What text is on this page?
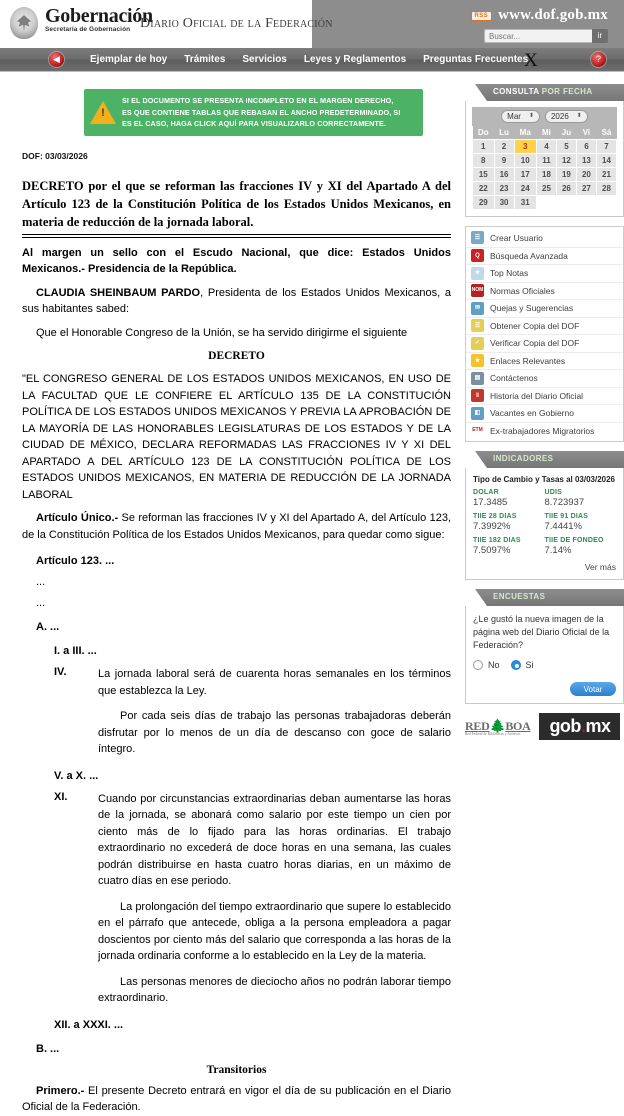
Gobernación
Secretaría de Gobernación Diario Oficial de la Federación
RSS www.dof.gob.mx
Buscar...
ir
◀	Ejemplar de hoy Trámites Servicios Leyes y Reglamentos Preguntas Frecuentes
X	?
!
SI EL DOCUMENTO SE PRESENTA INCOMPLETO EN EL MARGEN DERECHO,
ES QUE CONTIENE TABLAS QUE REBASAN EL ANCHO PREDETERMINADO, SI
ES EL CASO, HAGA CLICK AQUÍ PARA VISUALIZARLO CORRECTAMENTE.
DOF: 03/03/2026
DECRETO por el que se reforman las fracciones IV y XI del Apartado A del Artículo 123 de la Constitución Política de los Estados Unidos Mexicanos, en materia de reducción de la jornada laboral.
Al margen un sello con el Escudo Nacional, que dice: Estados Unidos Mexicanos.- Presidencia de la República.
CLAUDIA SHEINBAUM PARDO, Presidenta de los Estados Unidos Mexicanos, a sus habitantes sabed:
Que el Honorable Congreso de la Unión, se ha servido dirigirme el siguiente
DECRETO
"EL CONGRESO GENERAL DE LOS ESTADOS UNIDOS MEXICANOS, EN USO DE LA FACULTAD QUE LE CONFIERE EL ARTÍCULO 135 DE LA CONSTITUCIÓN POLÍTICA DE LOS ESTADOS UNIDOS MEXICANOS Y PREVIA LA APROBACIÓN DE LA MAYORÍA DE LAS HONORABLES LEGISLATURAS DE LOS ESTADOS Y DE LA CIUDAD DE MÉXICO, DECLARA REFORMADAS LAS FRACCIONES IV Y XI DEL APARTADO A DEL ARTÍCULO 123 DE LA CONSTITUCIÓN POLÍTICA DE LOS ESTADOS UNIDOS MEXICANOS, EN MATERIA DE REDUCCIÓN DE LA JORNADA LABORAL
Artículo Único.- Se reforman las fracciones IV y XI del Apartado A, del Artículo 123, de la Constitución Política de los Estados Unidos Mexicanos, para quedar como sigue:
Artículo 123. ...
...
...
A. ...
I. a III. ...
IV.	La jornada laboral será de cuarenta horas semanales en los términos que establezca la Ley.
Por cada seis días de trabajo las personas trabajadoras deberán disfrutar por lo menos de un día de descanso con goce de salario íntegro.
V. a X. ...
XI.	Cuando por circunstancias extraordinarias deban aumentarse las horas de la jornada, se abonará como salario por este tiempo un cien por ciento más de lo fijado para las horas ordinarias. El trabajo extraordinario no excederá de doce horas en una semana, las cuales podrán distribuirse en hasta cuatro horas diarias, en un máximo de cuatro días en ese periodo.
La prolongación del tiempo extraordinario que supere lo establecido en el párrafo que antecede, obliga a la persona empleadora a pagar doscientos por ciento más del salario que corresponda a las horas de la jornada ordinaria conforme a lo establecido en la Ley de la materia.
Las personas menores de dieciocho años no podrán laborar tiempo extraordinario.
XII. a XXXI. ...
B. ...
Transitorios
Primero.- El presente Decreto entrará en vigor el día de su publicación en el Diario Oficial de la Federación.
CONSULTA POR FECHA
Mar ⬍ 2026 ⬍
Do	Lu	Ma	Mi	Ju	Vi	Sá
1	2	3	4	5	6	7
8	9	10	11	12	13	14
15	16	17	18	19	20	21
22	23	24	25	26	27	28
29	30	31				
☰	Crear Usuario
Q	Búsqueda Avanzada
★	Top Notas
NOM Normas Oficiales
✉	Quejas y Sugerencias
☰	Obtener Copia del DOF
✓	Verificar Copia del DOF
★	Enlaces Relevantes
▤	Contáctenos
‖	Historia del Diario Oficial
◧	Vacantes en Gobierno
ETM Ex-trabajadores Migratorios
INDICADORES
Tipo de Cambio y Tasas al 03/03/2026
DOLAR
17.3485
UDIS
8.723937
TIIE 28 DIAS
7.3992%
TIIE 91 DIAS
7.4441%
TIIE 182 DIAS
7.5097%
TIIE DE FONDEO
7.14%
Ver más
ENCUESTAS
¿Le gustó la nueva imagen de la página web del Diario Oficial de la Federación?
No	Si
Votar
RED🌲BOA
Red Federal de Bibliotecas y Archivos	gob.mx
